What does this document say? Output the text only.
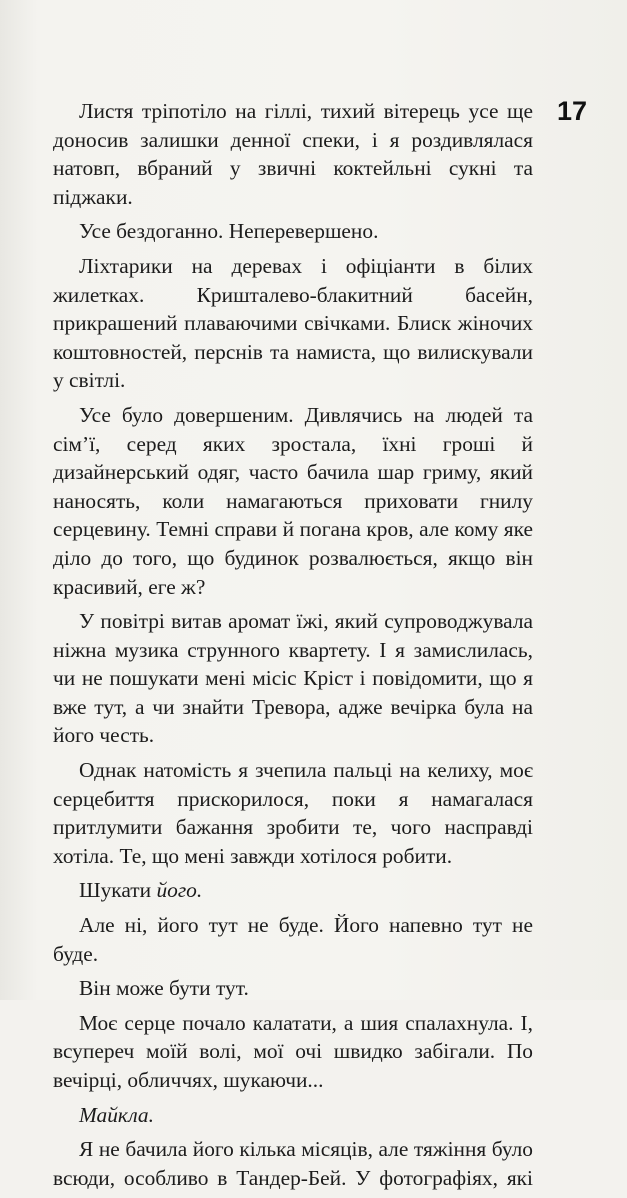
17

Листя тріпотіло на гіллі, тихий вітерець усе ще доносив залишки денної спеки, і я роздивлялася натовп, вбраний у звичні коктейльні сукні та піджаки.

Усе бездоганно. Неперевершено.

Ліхтарики на деревах і офіціанти в білих жилетках. Кришталево-блакитний басейн, прикрашений плаваючими свічками. Блиск жіночих коштовностей, перснів та намиста, що вилискували у світлі.

Усе було довершеним. Дивлячись на людей та сім’ї, серед яких зростала, їхні гроші й дизайнерський одяг, часто бачила шар гриму, який наносять, коли намагаються приховати гнилу серцевину. Темні справи й погана кров, але кому яке діло до того, що будинок розвалюється, якщо він красивий, еге ж?

У повітрі витав аромат їжі, який супроводжувала ніжна музика струнного квартету. І я замислилась, чи не пошукати мені місіс Кріст і повідомити, що я вже тут, а чи знайти Тревора, адже вечірка була на його честь.

Однак натомість я зчепила пальці на келиху, моє серцебиття прискорилося, поки я намагалася притлумити бажання зробити те, чого насправді хотіла. Те, що мені завжди хотілося робити.

Шукати його.

Але ні, його тут не буде. Його напевно тут не буде.

Він може бути тут.

Моє серце почало калатати, а шия спалахнула. І, всупереч моїй волі, мої очі швидко забігали. По вечірці, обличчях, шукаючи...

Майкла.

Я не бачила його кілька місяців, але тяжіння було всюди, особливо в Тандер-Бей. У фотографіях, які
